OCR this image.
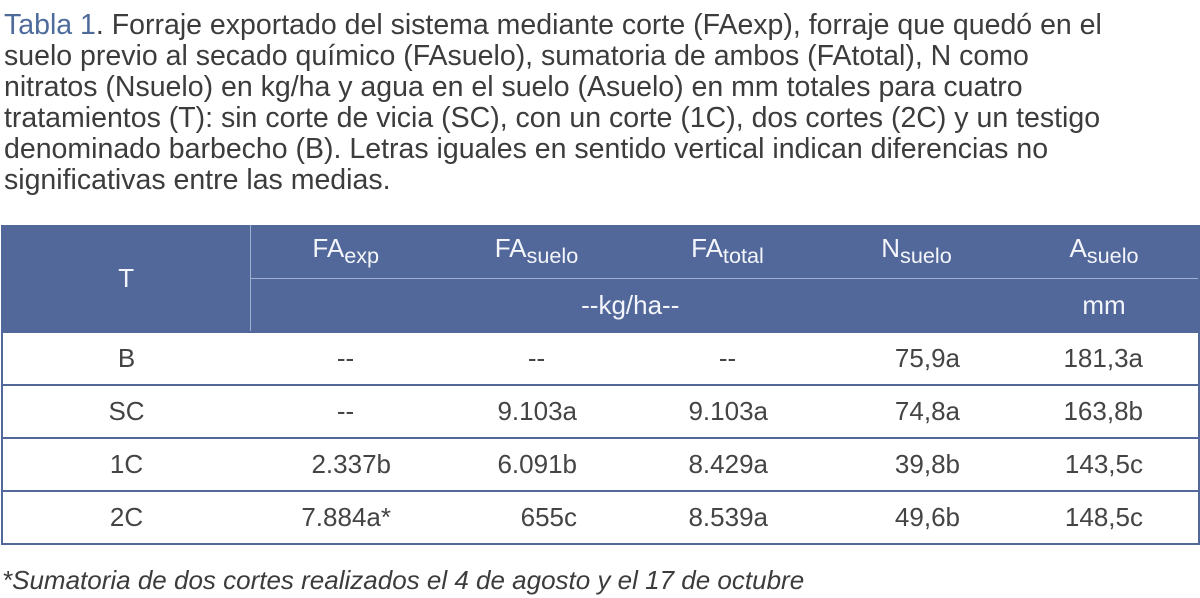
Tabla 1. Forraje exportado del sistema mediante corte (FAexp), forraje que quedó en el
suelo previo al secado químico (FAsuelo), sumatoria de ambos (FAtotal), N como
nitratos (Nsuelo) en kg/ha y agua en el suelo (Asuelo) en mm totales para cuatro
tratamientos (T): sin corte de vicia (SC), con un corte (1C), dos cortes (2C) y un testigo
denominado barbecho (B). Letras iguales en sentido vertical indican diferencias no
significativas entre las medias.
T	$FA_{exp}$	$FA_{suelo}$	$FA_{total}$	$N_{suelo}$	$A_{suelo}$
	--kg/ha--				mm
B	--	--	--	75,9a	181,3a
SC	--	9.103a	9.103a	74,8a	163,8b
1C	2.337b	6.091b	8.429a	39,8b	143,5c
2C	7.884a*	655c	8.539a	49,6b	148,5c
*Sumatoria de dos cortes realizados el 4 de agosto y el 17 de octubre
